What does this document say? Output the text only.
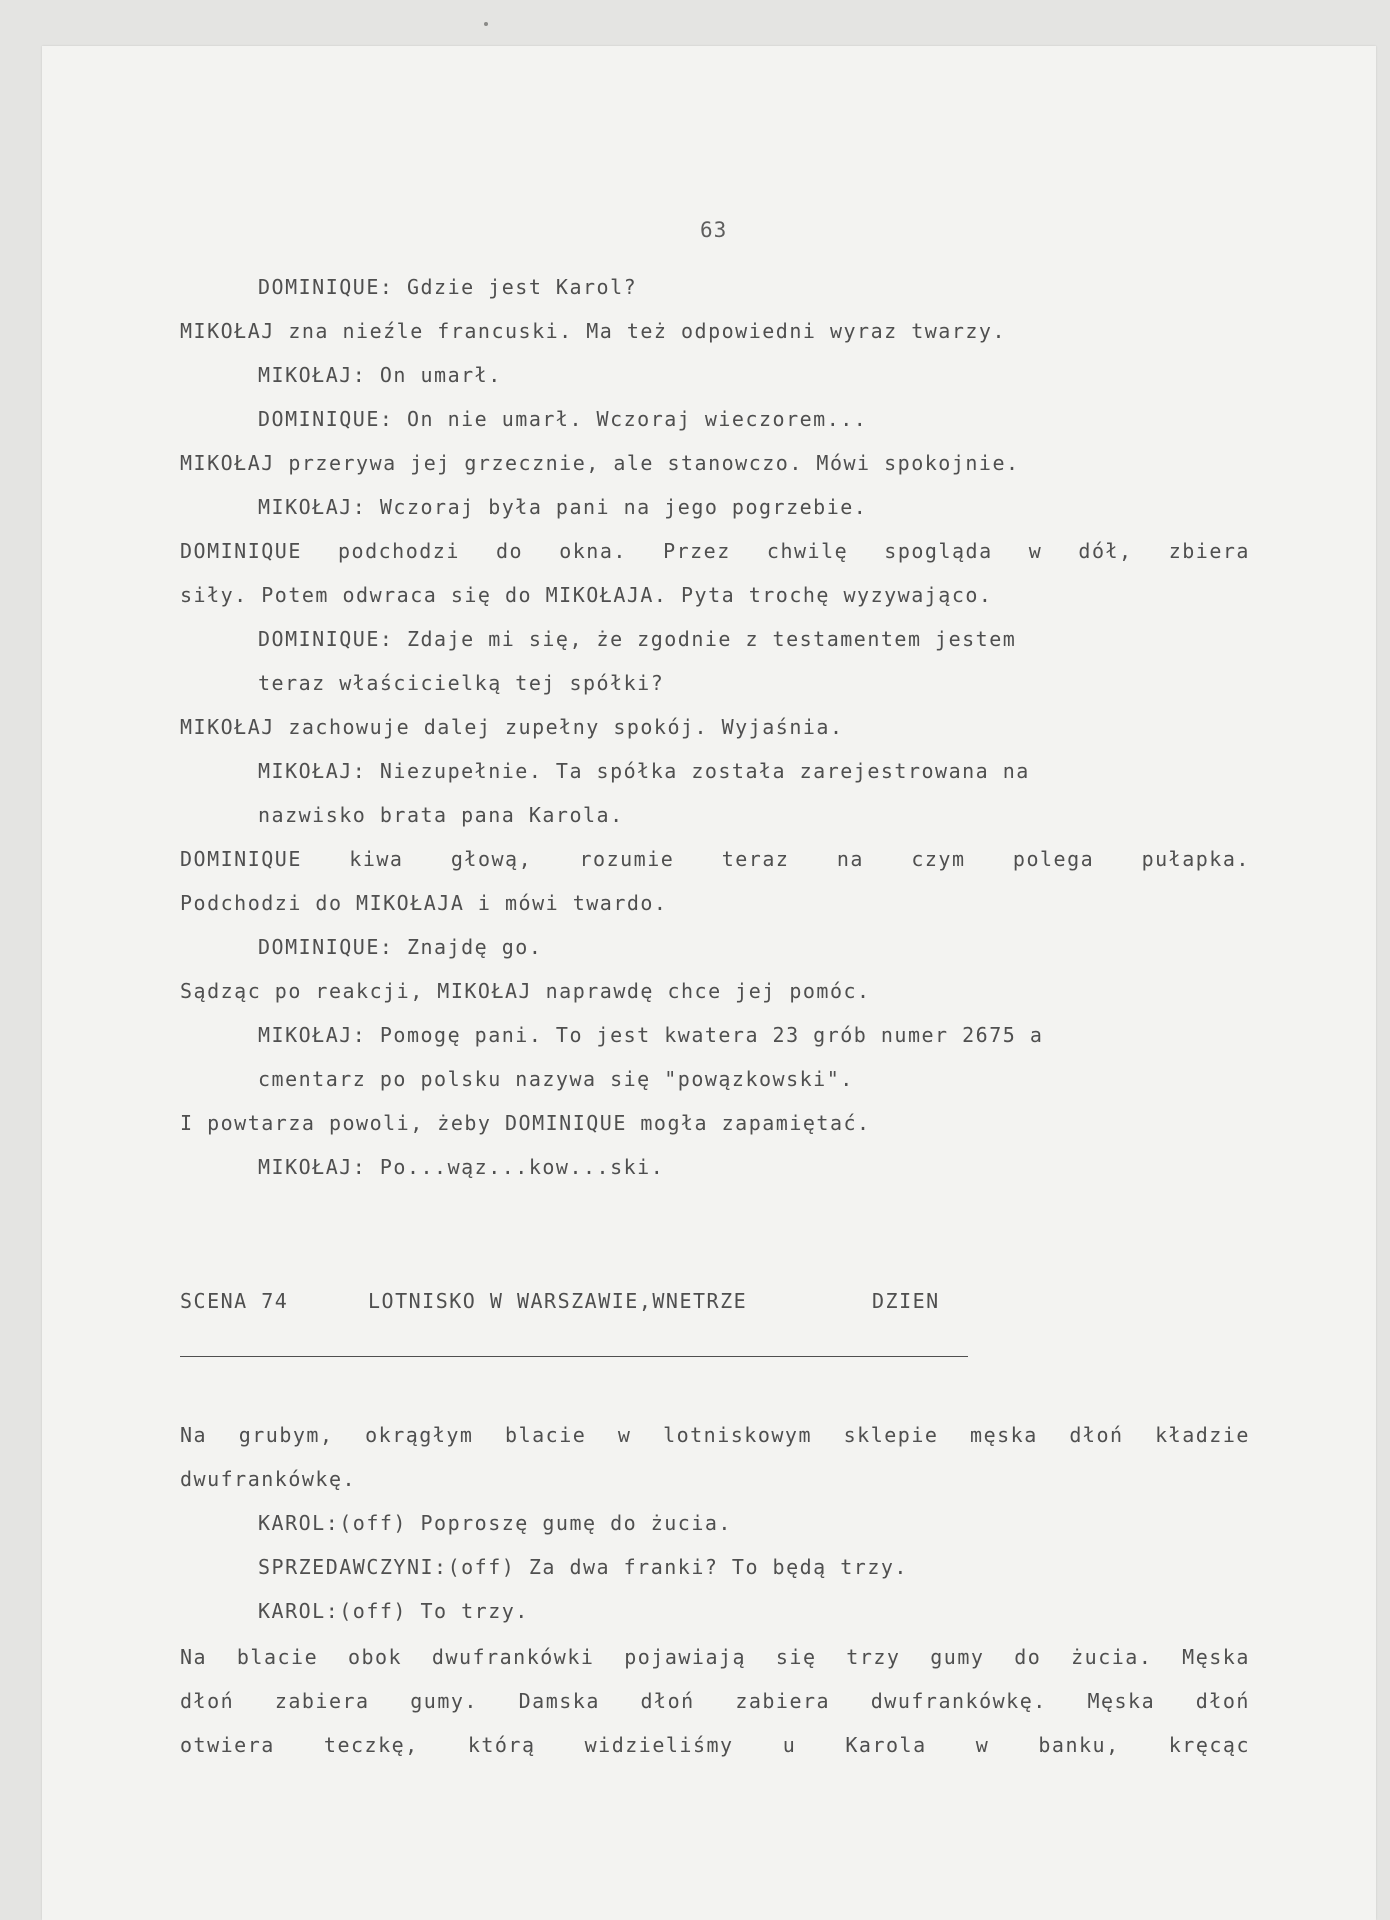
63
DOMINIQUE: Gdzie jest Karol?
MIKOŁAJ zna nieźle francuski. Ma też odpowiedni wyraz twarzy.
MIKOŁAJ: On umarł.
DOMINIQUE: On nie umarł. Wczoraj wieczorem...
MIKOŁAJ przerywa jej grzecznie, ale stanowczo. Mówi spokojnie.
MIKOŁAJ: Wczoraj była pani na jego pogrzebie.
DOMINIQUE podchodzi do okna. Przez chwilę spogląda w dół, zbiera
siły. Potem odwraca się do MIKOŁAJA. Pyta trochę wyzywająco.
DOMINIQUE: Zdaje mi się, że zgodnie z testamentem jestem
teraz właścicielką tej spółki?
MIKOŁAJ zachowuje dalej zupełny spokój. Wyjaśnia.
MIKOŁAJ: Niezupełnie. Ta spółka została zarejestrowana na
nazwisko brata pana Karola.
DOMINIQUE kiwa głową, rozumie teraz na czym polega pułapka.
Podchodzi do MIKOŁAJA i mówi twardo.
DOMINIQUE: Znajdę go.
Sądząc po reakcji, MIKOŁAJ naprawdę chce jej pomóc.
MIKOŁAJ: Pomogę pani. To jest kwatera 23 grób numer 2675 a
cmentarz po polsku nazywa się "powązkowski".
I powtarza powoli, żeby DOMINIQUE mogła zapamiętać.
MIKOŁAJ: Po...wąz...kow...ski.
SCENA 74	LOTNISKO W WARSZAWIE,WNETRZE	DZIEN
Na grubym, okrągłym blacie w lotniskowym sklepie męska dłoń kładzie
dwufrankówkę.
KAROL:(off) Poproszę gumę do żucia.
SPRZEDAWCZYNI:(off) Za dwa franki? To będą trzy.
KAROL:(off) To trzy.
Na blacie obok dwufrankówki pojawiają się trzy gumy do żucia. Męska
dłoń zabiera gumy. Damska dłoń zabiera dwufrankówkę. Męska dłoń
otwiera teczkę, którą widzieliśmy u Karola w banku, kręcąc
